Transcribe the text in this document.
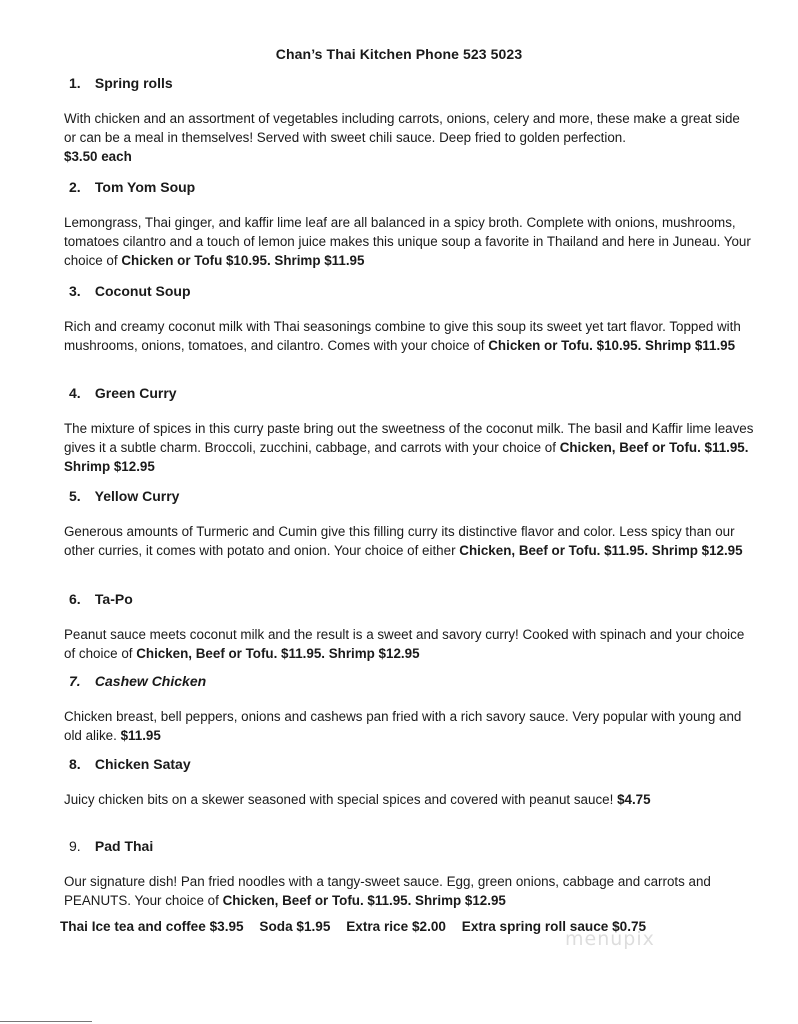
Chan’s Thai Kitchen Phone 523 5023
1. Spring rolls

With chicken and an assortment of vegetables including carrots, onions, celery and more, these make a great side or can be a meal in themselves! Served with sweet chili sauce. Deep fried to golden perfection.
$3.50 each

2. Tom Yom Soup

Lemongrass, Thai ginger, and kaffir lime leaf are all balanced in a spicy broth. Complete with onions, mushrooms, tomatoes cilantro and a touch of lemon juice makes this unique soup a favorite in Thailand and here in Juneau. Your choice of Chicken or Tofu $10.95. Shrimp $11.95

3. Coconut Soup

Rich and creamy coconut milk with Thai seasonings combine to give this soup its sweet yet tart flavor. Topped with mushrooms, onions, tomatoes, and cilantro. Comes with your choice of Chicken or Tofu. $10.95. Shrimp $11.95

4. Green Curry

The mixture of spices in this curry paste bring out the sweetness of the coconut milk. The basil and Kaffir lime leaves gives it a subtle charm. Broccoli, zucchini, cabbage, and carrots with your choice of Chicken, Beef or Tofu. $11.95. Shrimp $12.95

5. Yellow Curry

Generous amounts of Turmeric and Cumin give this filling curry its distinctive flavor and color. Less spicy than our other curries, it comes with potato and onion. Your choice of either Chicken, Beef or Tofu. $11.95. Shrimp $12.95

6. Ta-Po

Peanut sauce meets coconut milk and the result is a sweet and savory curry! Cooked with spinach and your choice of choice of Chicken, Beef or Tofu. $11.95. Shrimp $12.95

7. Cashew Chicken

Chicken breast, bell peppers, onions and cashews pan fried with a rich savory sauce. Very popular with young and old alike. $11.95

8. Chicken Satay

Juicy chicken bits on a skewer seasoned with special spices and covered with peanut sauce! $4.75

9. Pad Thai

Our signature dish! Pan fried noodles with a tangy-sweet sauce. Egg, green onions, cabbage and carrots and PEANUTS. Your choice of Chicken, Beef or Tofu. $11.95. Shrimp $12.95

Thai Ice tea and coffee $3.95 Soda $1.95 Extra rice $2.00 Extra spring roll sauce $0.75
menupix
